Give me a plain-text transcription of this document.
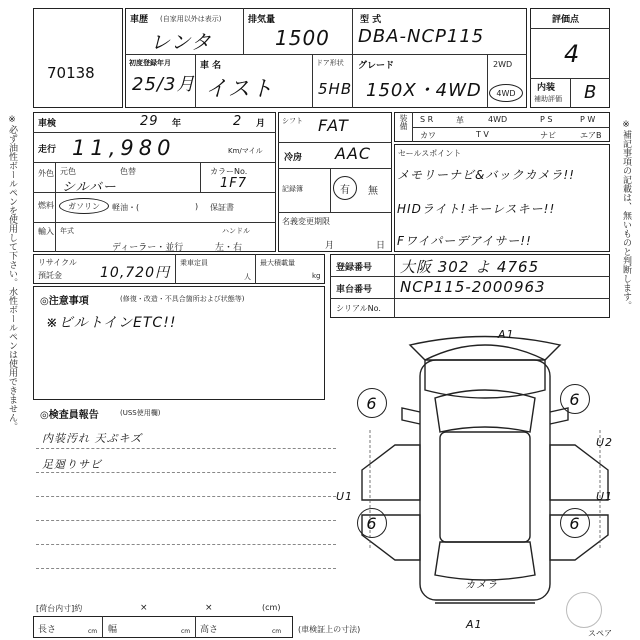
※必ず油性ボールペンを使用して下さい。水性ボールペンは使用できません。	※補記事項の記載は、無いものと判断します。
70138
車歴 (自家用以外は表示)
レンタ
排気量
1500
型 式
DBA-NCP115
初度登録年月
25/3月
車 名
イスト
ドア形状
5HB
グレード
150X・4WD
2WD
4WD
評価点
4
内装
補助評価 B
車検	29 年	2 月
走行 11,980	Km/マイル
外色 元色	色替
シルバー
カラーNo.
1F7
燃料 ガソリン 軽油・(	) 保証書
輸入 年式
ディーラー・並行
ハンドル
左・右
シフト FAT
冷房 AAC
記録簿	有 無
名義変更期限
月	日
装備 S R	革	4WD	P S	P W
カワ	T V	ナビ	エアB
セールスポイント
メモリーナビ&バックカメラ!!
HIDライト!キーレスキー!!
Fワイパーデアイサー!!
リサイクル
預託金	10,720円
乗車定員
人
最大積載量
kg
登録番号 大阪 302 よ 4765
車台番号 NCP115-2000963
シリアルNo.
◎注意事項	(修復・改造・不具合箇所および状態等)
※ビルトインETC!!
◎検査員報告	(USS使用欄)
内装汚れ 天ぷキズ
足廻りサビ
6	6
6	6
A1
U1	U1
U2
カメラ
A1
スペア
[荷台内寸]約	×	×	(cm)
長さ	cm 幅	cm 高さ	cm (車検証上の寸法)
